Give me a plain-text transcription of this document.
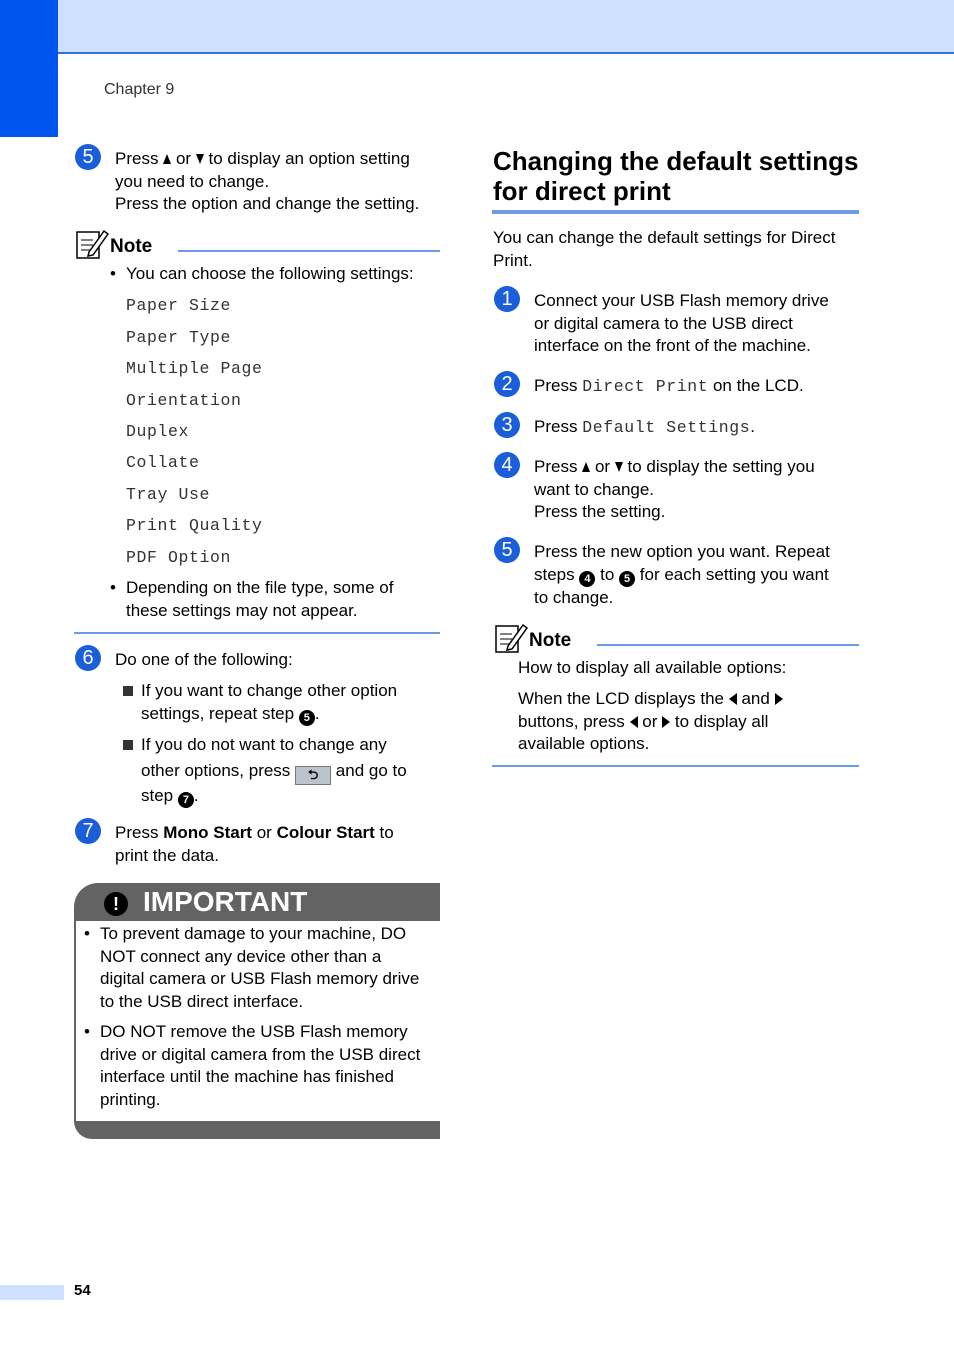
Chapter 9
5	Press or to display an option setting
you need to change.
Press the option and change the setting.
Note
• You can choose the following settings:
Paper Size
Paper Type
Multiple Page
Orientation
Duplex
Collate
Tray Use
Print Quality
PDF Option
• Depending on the file type, some of
these settings may not appear.
6	Do one of the following:
If you want to change other option
settings, repeat step 5 .
If you do not want to change any
other options, press ⮌ and go to
step 7 .
7	Press Mono Start or Colour Start to
print the data.
! IMPORTANT
• To prevent damage to your machine, DO
NOT connect any device other than a
digital camera or USB Flash memory drive
to the USB direct interface.
• DO NOT remove the USB Flash memory
drive or digital camera from the USB direct
interface until the machine has finished
printing.
Changing the default settings
for direct print
You can change the default settings for Direct
Print.
1	Connect your USB Flash memory drive
or digital camera to the USB direct
interface on the front of the machine.
2	Press Direct Print on the LCD.
3	Press Default Settings.
4	Press or to display the setting you
want to change.
Press the setting.
5	Press the new option you want. Repeat
steps 4 to 5 for each setting you want
to change.
Note
How to display all available options:
When the LCD displays the and
buttons, press or to display all
available options.
54
